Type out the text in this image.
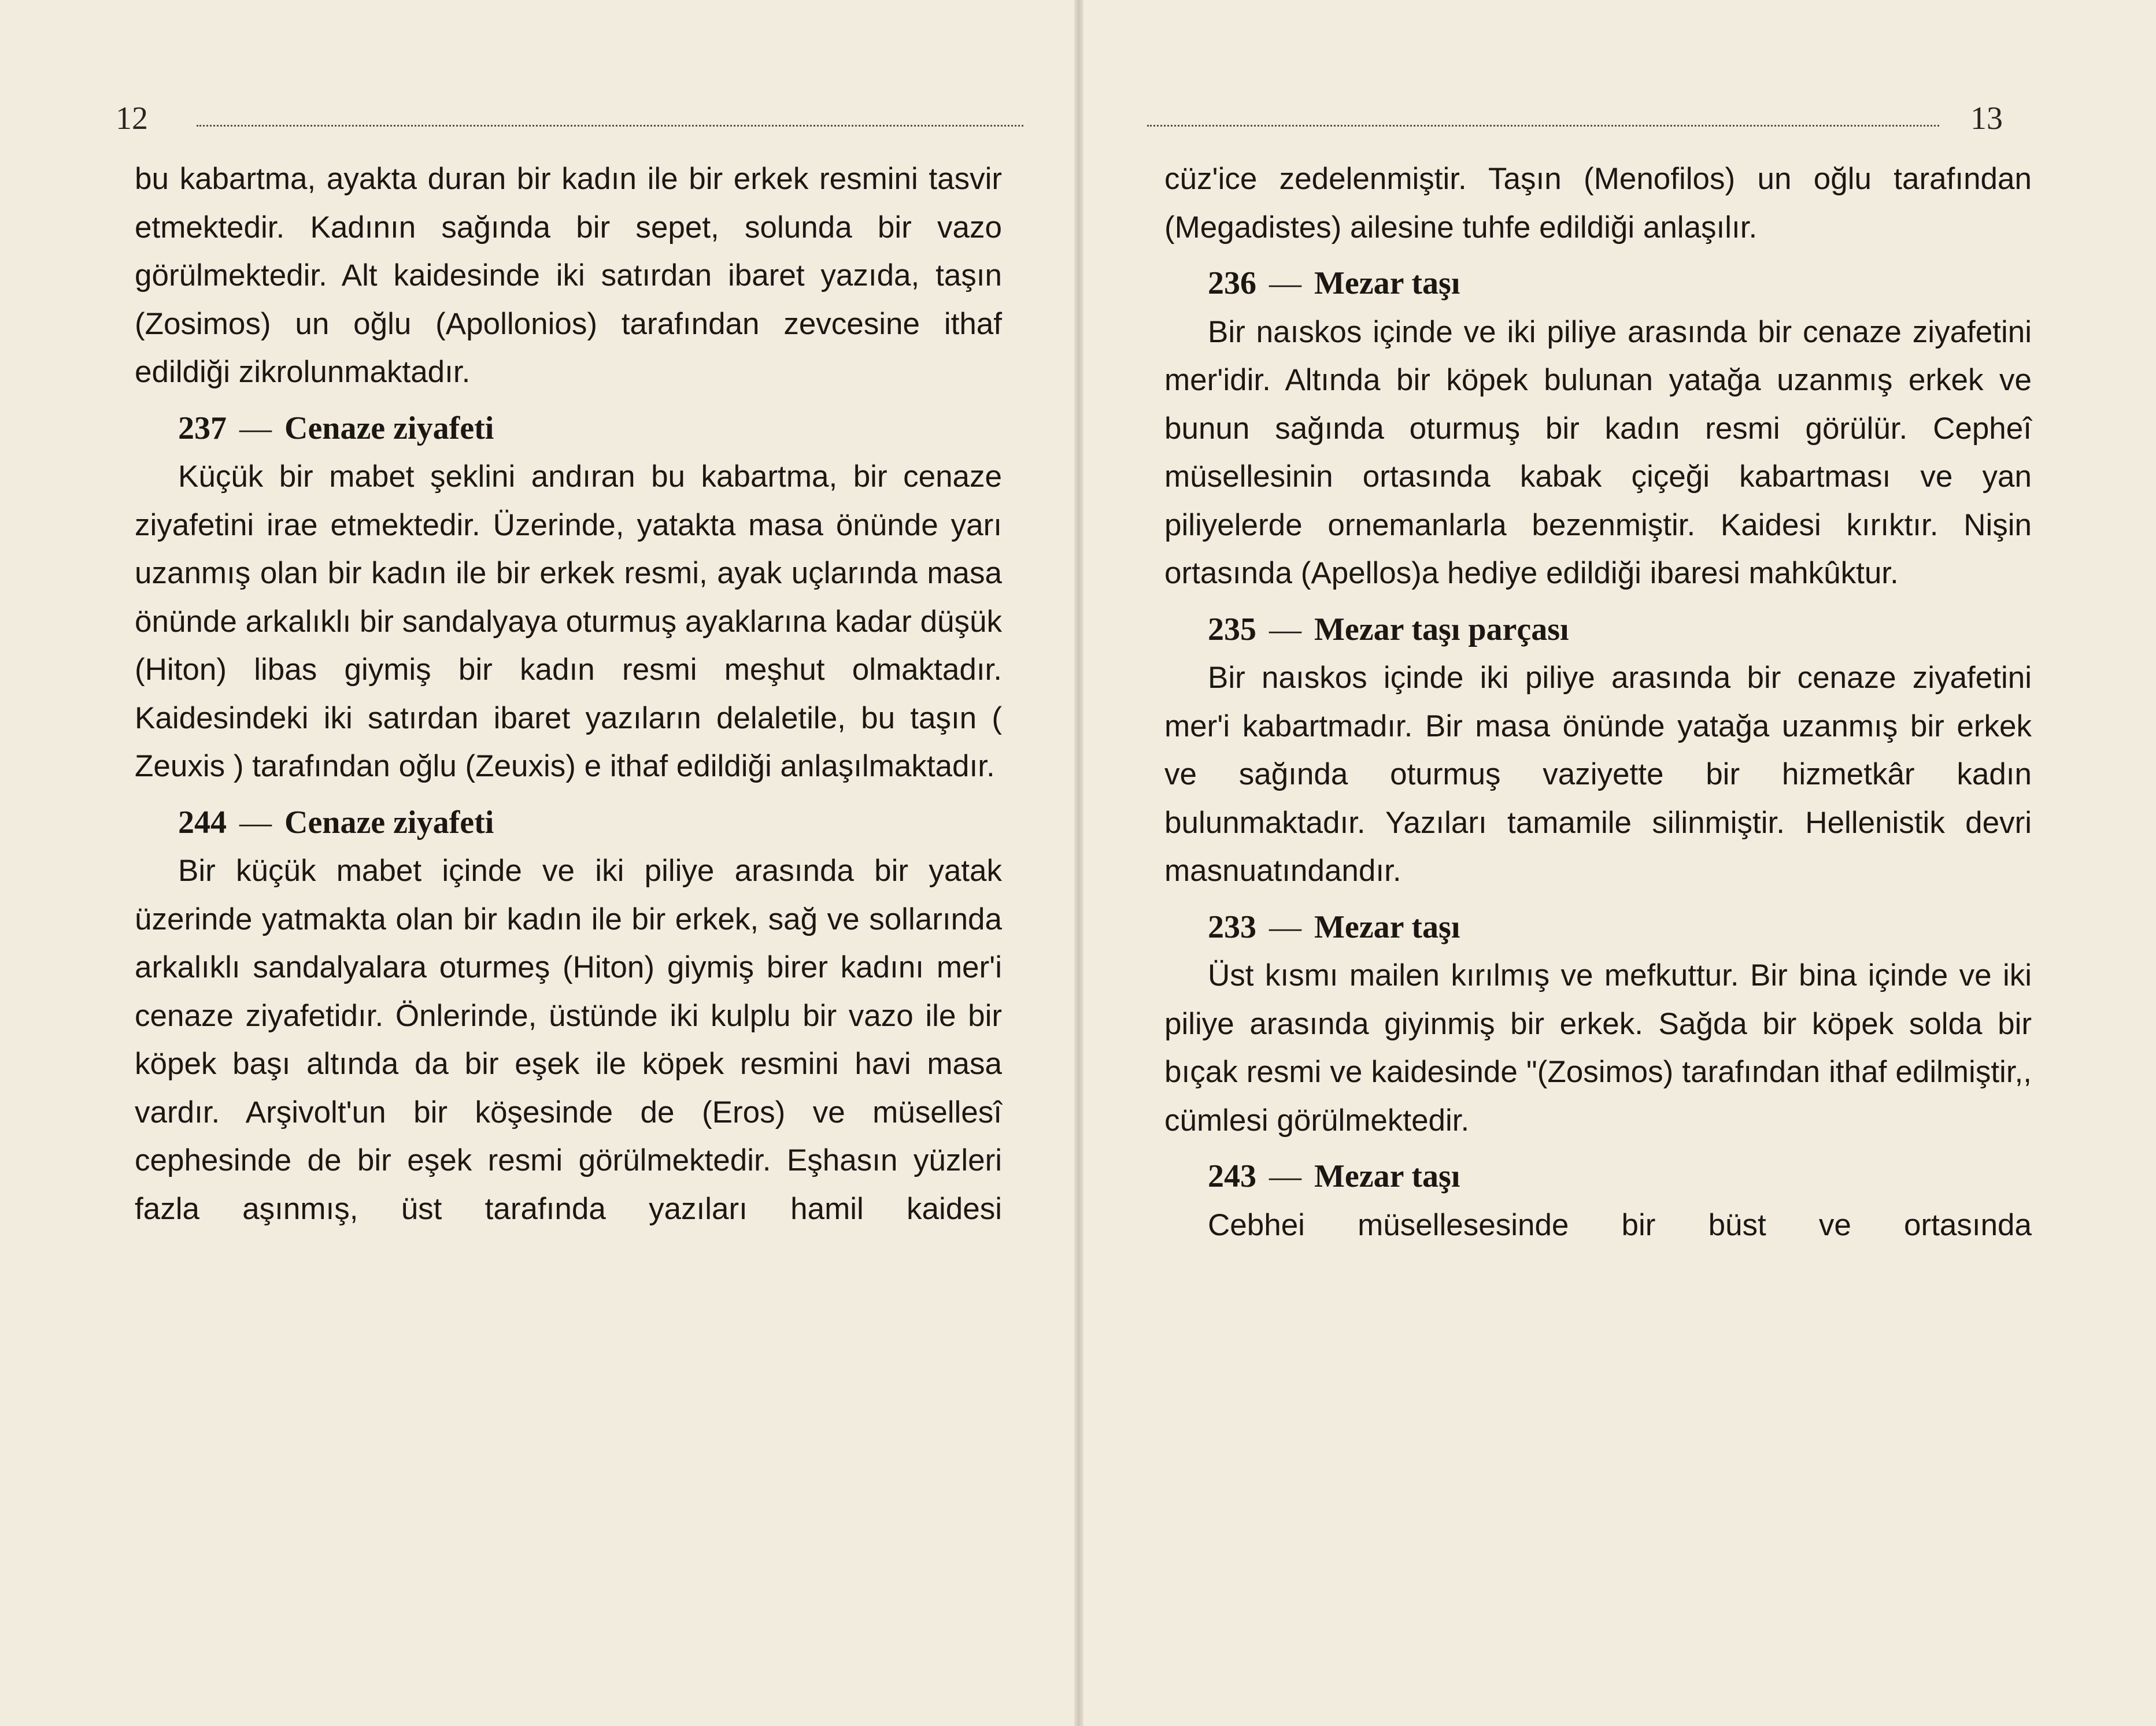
12

bu kabartma, ayakta duran bir kadın ile bir erkek resmini tasvir etmektedir. Kadının sağında bir sepet, solunda bir vazo görülmektedir. Alt kaidesinde iki satırdan ibaret yazıda, taşın (Zosimos) un oğlu (Apollonios) tarafından zevcesine ithaf edildiği zikrolunmaktadır.

237 — Cenaze ziyafeti

Küçük bir mabet şeklini andıran bu kabartma, bir cenaze ziyafetini irae etmektedir. Üzerinde, yatakta masa önünde yarı uzanmış olan bir kadın ile bir erkek resmi, ayak uçlarında masa önünde arkalıklı bir sandalyaya oturmuş ayaklarına kadar düşük (Hiton) libas giymiş bir kadın resmi meşhut olmaktadır. Kaidesindeki iki satırdan ibaret yazıların delaletile, bu taşın ( Zeuxis ) tarafından oğlu (Zeuxis) e ithaf edildiği anlaşılmaktadır.

244 — Cenaze ziyafeti

Bir küçük mabet içinde ve iki piliye arasında bir yatak üzerinde yatmakta olan bir kadın ile bir erkek, sağ ve sollarında arkalıklı sandalyalara oturmeş (Hiton) giymiş birer kadını mer'i cenaze ziyafetidır. Önlerinde, üstünde iki kulplu bir vazo ile bir köpek başı altında da bir eşek ile köpek resmini havi masa vardır. Arşivolt'un bir köşesinde de (Eros) ve müsellesî cephesinde de bir eşek resmi görülmektedir. Eşhasın yüzleri fazla aşınmış, üst tarafında yazıları hamil kaidesi

13

cüz'ice zedelenmiştir. Taşın (Menofilos) un oğlu tarafından (Megadistes) ailesine tuhfe edildiği anlaşılır.

236 — Mezar taşı

Bir naıskos içinde ve iki piliye arasında bir cenaze ziyafetini mer'idir. Altında bir köpek bulunan yatağa uzanmış erkek ve bunun sağında oturmuş bir kadın resmi görülür. Cepheî müsellesinin ortasında kabak çiçeği kabartması ve yan piliyelerde ornemanlarla bezenmiştir. Kaidesi kırıktır. Nişin ortasında (Apellos)a hediye edildiği ibaresi mahkûktur.

235 — Mezar taşı parçası

Bir naıskos içinde iki piliye arasında bir cenaze ziyafetini mer'i kabartmadır. Bir masa önünde yatağa uzanmış bir erkek ve sağında oturmuş vaziyette bir hizmetkâr kadın bulunmaktadır. Yazıları tamamile silinmiştir. Hellenistik devri masnuatındandır.

233 — Mezar taşı

Üst kısmı mailen kırılmış ve mefkuttur. Bir bina içinde ve iki piliye arasında giyinmiş bir erkek. Sağda bir köpek solda bir bıçak resmi ve kaidesinde "(Zosimos) tarafından ithaf edilmiştir,, cümlesi görülmektedir.

243 — Mezar taşı

Cebhei müsellesesinde bir büst ve ortasında
